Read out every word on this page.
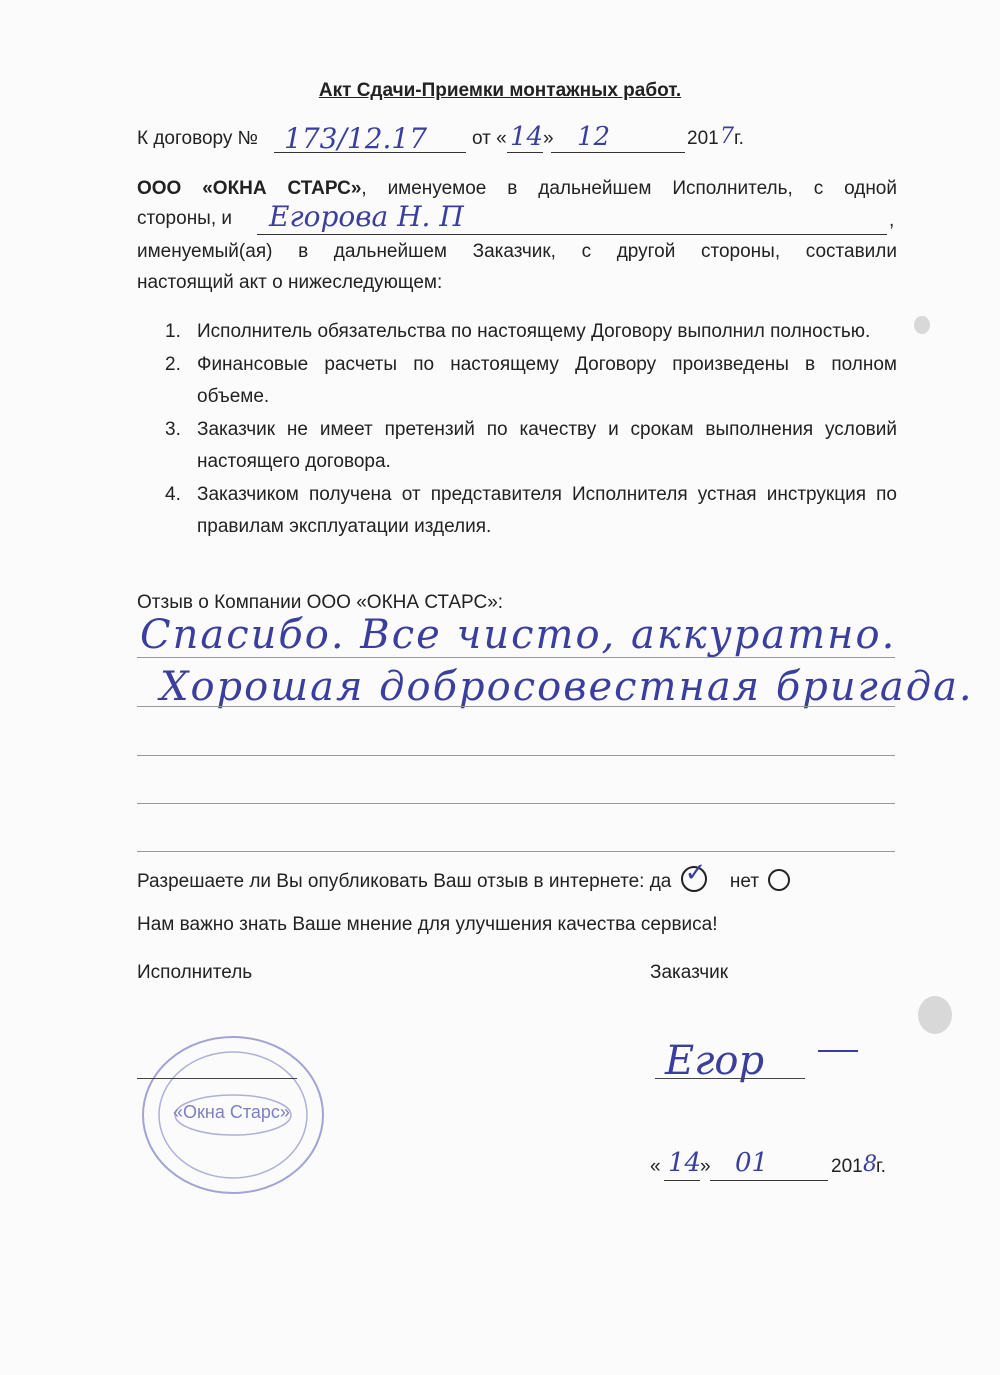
Акт Сдачи-Приемки монтажных работ.
К договору № 173/12.17 от « 14 » 12	201 7 г.
ООО «ОКНА СТАРС», именуемое в дальнейшем Исполнитель, с одной
стороны, и Егорова Н. П	,
именуемый(ая) в дальнейшем Заказчик, с другой стороны, составили
настоящий акт о нижеследующем:
1. Исполнитель обязательства по настоящему Договору выполнил полностью.
2. Финансовые расчеты по настоящему Договору произведены в полном объеме.
3. Заказчик не имеет претензий по качеству и срокам выполнения условий настоящего договора.
4. Заказчиком получена от представителя Исполнителя устная инструкция по правилам эксплуатации изделия.
Отзыв о Компании ООО «ОКНА СТАРС»:
Спасибо. Все чисто, аккуратно.
Хорошая добросовестная бригада.
Разрешаете ли Вы опубликовать Ваш отзыв в интернете: да ✓ нет
Нам важно знать Ваше мнение для улучшения качества сервиса!
Исполнитель	Заказчик
«Окна Старс»
Егор
« 14
» 01	201 8 г.
